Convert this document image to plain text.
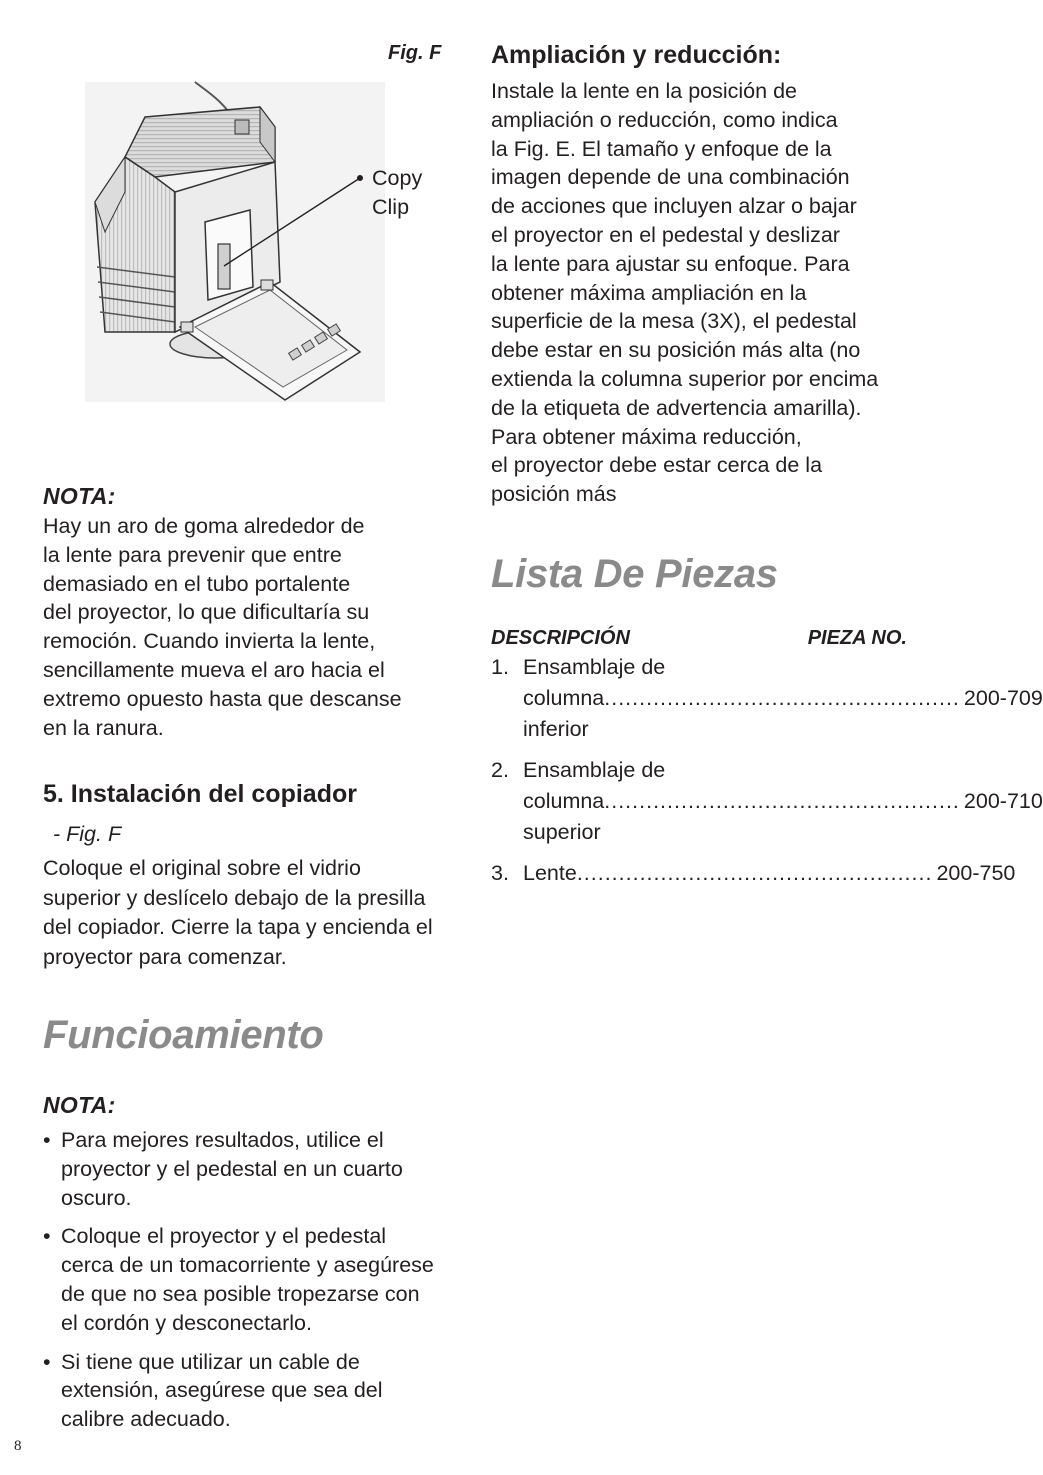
Fig. F
Copy
Clip
NOTA:

Hay un aro de goma alrededor de

la lente para prevenir que entre

demasiado en el tubo portalente

del proyector, lo que dificultaría su

remoción. Cuando invierta la lente,

sencillamente mueva el aro hacia el

extremo opuesto hasta que descanse

en la ranura.

5. Instalación del copiador
- Fig. F

Coloque el original sobre el vidrio

superior y deslícelo debajo de la presilla

del copiador. Cierre la tapa y encienda el

proyector para comenzar.

Funcioamiento
NOTA:
• Para mejores resultados, utilice el
proyector y el pedestal en un cuarto
oscuro.
• Coloque el proyector y el pedestal
cerca de un tomacorriente y asegúrese
de que no sea posible tropezarse con
el cordón y desconectarlo.
• Si tiene que utilizar un cable de
extensión, asegúrese que sea del
calibre adecuado.
8
Ampliación y reducción:

Instale la lente en la posición de

ampliación o reducción, como indica

la Fig. E. El tamaño y enfoque de la

imagen depende de una combinación

de acciones que incluyen alzar o bajar

el proyector en el pedestal y deslizar

la lente para ajustar su enfoque. Para

obtener máxima ampliación en la

superficie de la mesa (3X), el pedestal

debe estar en su posición más alta (no

extienda la columna superior por encima

de la etiqueta de advertencia amarilla).

Para obtener máxima reducción,

el proyector debe estar cerca de la

posición más

Lista De Piezas
DESCRIPCIÓN	PIEZA NO.
1. Ensamblaje de
columna inferior
................................................... 200-709
2. Ensamblaje de
columna superior
................................................... 200-710
3. Lente ................................................... 200-750
